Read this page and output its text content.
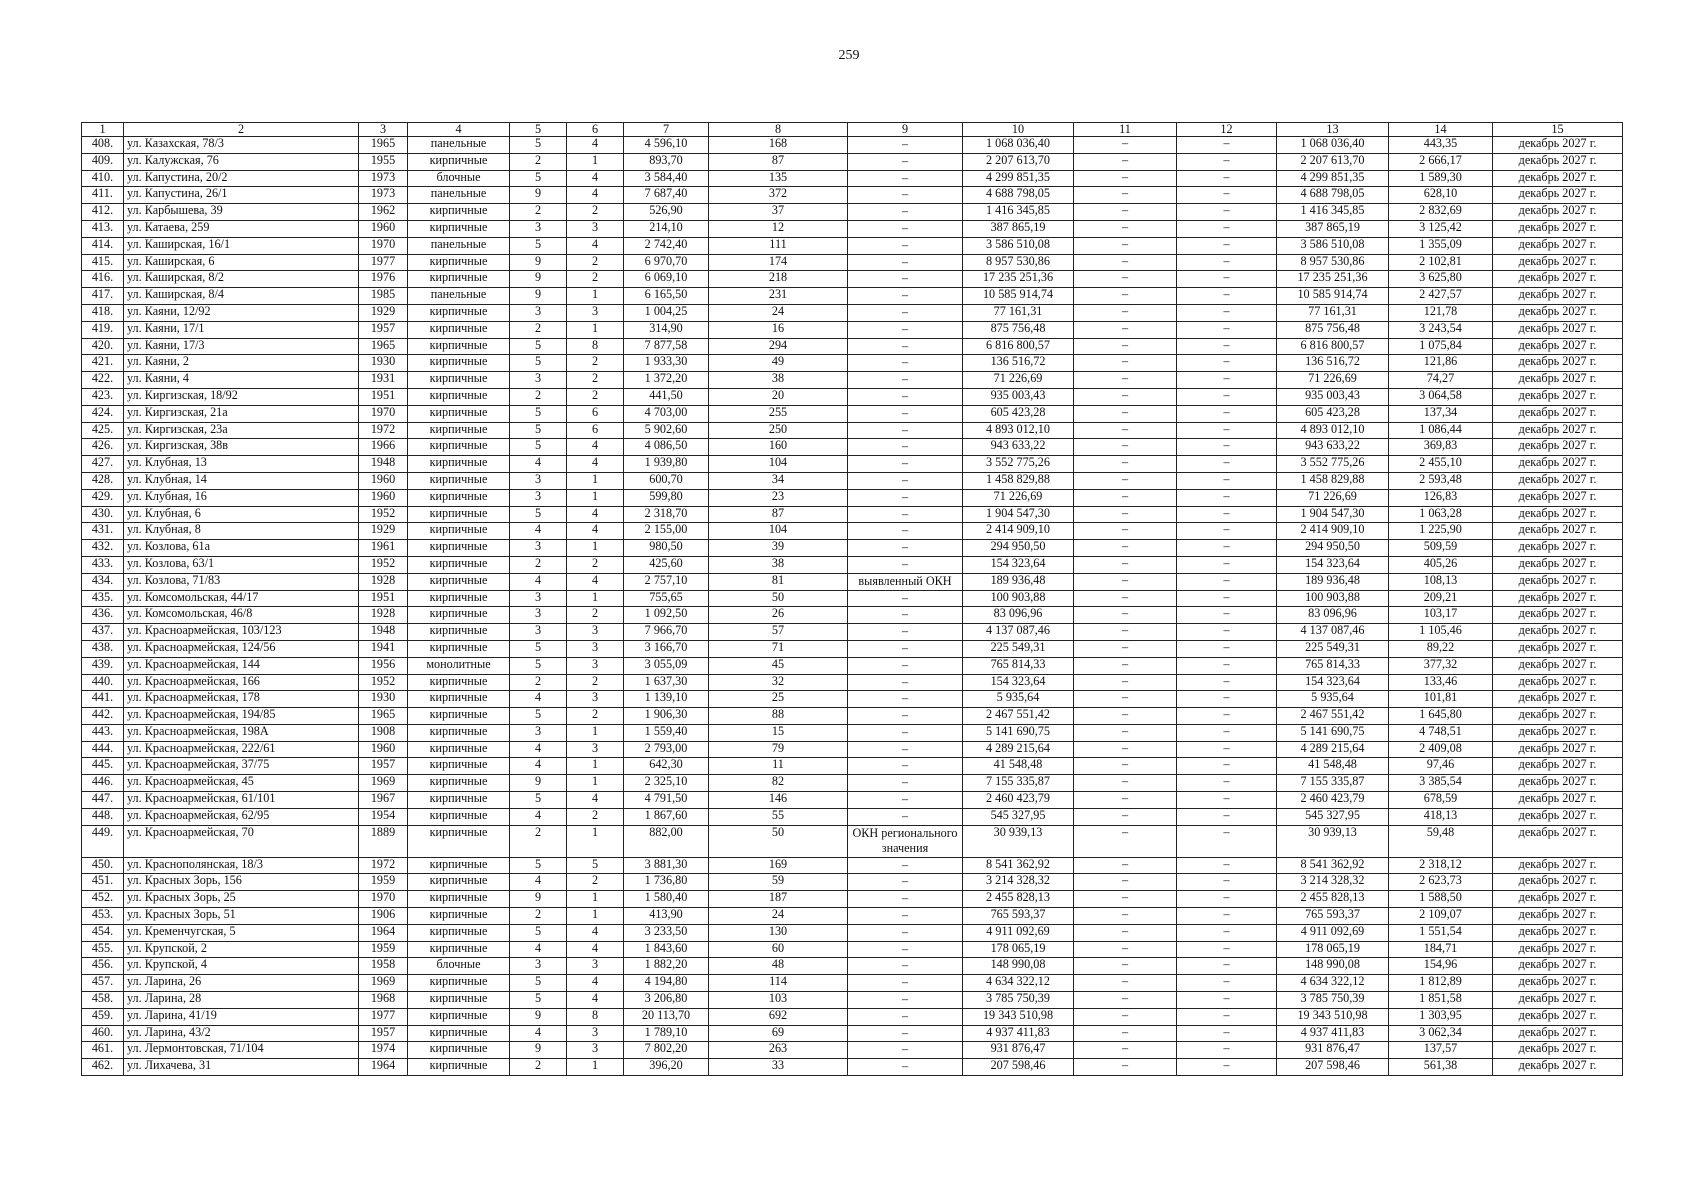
259
1	2	3	4	5	6	7	8	9	10	11	12	13	14	15
408.	ул. Казахская, 78/3	1965	панельные	5	4	4 596,10	168	–	1 068 036,40	–	–	1 068 036,40	443,35	декабрь 2027 г.
409.	ул. Калужская, 76	1955	кирпичные	2	1	893,70	87	–	2 207 613,70	–	–	2 207 613,70	2 666,17	декабрь 2027 г.
410.	ул. Капустина, 20/2	1973	блочные	5	4	3 584,40	135	–	4 299 851,35	–	–	4 299 851,35	1 589,30	декабрь 2027 г.
411.	ул. Капустина, 26/1	1973	панельные	9	4	7 687,40	372	–	4 688 798,05	–	–	4 688 798,05	628,10	декабрь 2027 г.
412.	ул. Карбышева, 39	1962	кирпичные	2	2	526,90	37	–	1 416 345,85	–	–	1 416 345,85	2 832,69	декабрь 2027 г.
413.	ул. Катаева, 259	1960	кирпичные	3	3	214,10	12	–	387 865,19	–	–	387 865,19	3 125,42	декабрь 2027 г.
414.	ул. Каширская, 16/1	1970	панельные	5	4	2 742,40	111	–	3 586 510,08	–	–	3 586 510,08	1 355,09	декабрь 2027 г.
415.	ул. Каширская, 6	1977	кирпичные	9	2	6 970,70	174	–	8 957 530,86	–	–	8 957 530,86	2 102,81	декабрь 2027 г.
416.	ул. Каширская, 8/2	1976	кирпичные	9	2	6 069,10	218	–	17 235 251,36	–	–	17 235 251,36	3 625,80	декабрь 2027 г.
417.	ул. Каширская, 8/4	1985	панельные	9	1	6 165,50	231	–	10 585 914,74	–	–	10 585 914,74	2 427,57	декабрь 2027 г.
418.	ул. Каяни, 12/92	1929	кирпичные	3	3	1 004,25	24	–	77 161,31	–	–	77 161,31	121,78	декабрь 2027 г.
419.	ул. Каяни, 17/1	1957	кирпичные	2	1	314,90	16	–	875 756,48	–	–	875 756,48	3 243,54	декабрь 2027 г.
420.	ул. Каяни, 17/3	1965	кирпичные	5	8	7 877,58	294	–	6 816 800,57	–	–	6 816 800,57	1 075,84	декабрь 2027 г.
421.	ул. Каяни, 2	1930	кирпичные	5	2	1 933,30	49	–	136 516,72	–	–	136 516,72	121,86	декабрь 2027 г.
422.	ул. Каяни, 4	1931	кирпичные	3	2	1 372,20	38	–	71 226,69	–	–	71 226,69	74,27	декабрь 2027 г.
423.	ул. Киргизская, 18/92	1951	кирпичные	2	2	441,50	20	–	935 003,43	–	–	935 003,43	3 064,58	декабрь 2027 г.
424.	ул. Киргизская, 21а	1970	кирпичные	5	6	4 703,00	255	–	605 423,28	–	–	605 423,28	137,34	декабрь 2027 г.
425.	ул. Киргизская, 23а	1972	кирпичные	5	6	5 902,60	250	–	4 893 012,10	–	–	4 893 012,10	1 086,44	декабрь 2027 г.
426.	ул. Киргизская, 38в	1966	кирпичные	5	4	4 086,50	160	–	943 633,22	–	–	943 633,22	369,83	декабрь 2027 г.
427.	ул. Клубная, 13	1948	кирпичные	4	4	1 939,80	104	–	3 552 775,26	–	–	3 552 775,26	2 455,10	декабрь 2027 г.
428.	ул. Клубная, 14	1960	кирпичные	3	1	600,70	34	–	1 458 829,88	–	–	1 458 829,88	2 593,48	декабрь 2027 г.
429.	ул. Клубная, 16	1960	кирпичные	3	1	599,80	23	–	71 226,69	–	–	71 226,69	126,83	декабрь 2027 г.
430.	ул. Клубная, 6	1952	кирпичные	5	4	2 318,70	87	–	1 904 547,30	–	–	1 904 547,30	1 063,28	декабрь 2027 г.
431.	ул. Клубная, 8	1929	кирпичные	4	4	2 155,00	104	–	2 414 909,10	–	–	2 414 909,10	1 225,90	декабрь 2027 г.
432.	ул. Козлова, 61а	1961	кирпичные	3	1	980,50	39	–	294 950,50	–	–	294 950,50	509,59	декабрь 2027 г.
433.	ул. Козлова, 63/1	1952	кирпичные	2	2	425,60	38	–	154 323,64	–	–	154 323,64	405,26	декабрь 2027 г.
434.	ул. Козлова, 71/83	1928	кирпичные	4	4	2 757,10	81	выявленный ОКН	189 936,48	–	–	189 936,48	108,13	декабрь 2027 г.
435.	ул. Комсомольская, 44/17	1951	кирпичные	3	1	755,65	50	–	100 903,88	–	–	100 903,88	209,21	декабрь 2027 г.
436.	ул. Комсомольская, 46/8	1928	кирпичные	3	2	1 092,50	26	–	83 096,96	–	–	83 096,96	103,17	декабрь 2027 г.
437.	ул. Красноармейская, 103/123	1948	кирпичные	3	3	7 966,70	57	–	4 137 087,46	–	–	4 137 087,46	1 105,46	декабрь 2027 г.
438.	ул. Красноармейская, 124/56	1941	кирпичные	5	3	3 166,70	71	–	225 549,31	–	–	225 549,31	89,22	декабрь 2027 г.
439.	ул. Красноармейская, 144	1956	монолитные	5	3	3 055,09	45	–	765 814,33	–	–	765 814,33	377,32	декабрь 2027 г.
440.	ул. Красноармейская, 166	1952	кирпичные	2	2	1 637,30	32	–	154 323,64	–	–	154 323,64	133,46	декабрь 2027 г.
441.	ул. Красноармейская, 178	1930	кирпичные	4	3	1 139,10	25	–	5 935,64	–	–	5 935,64	101,81	декабрь 2027 г.
442.	ул. Красноармейская, 194/85	1965	кирпичные	5	2	1 906,30	88	–	2 467 551,42	–	–	2 467 551,42	1 645,80	декабрь 2027 г.
443.	ул. Красноармейская, 198А	1908	кирпичные	3	1	1 559,40	15	–	5 141 690,75	–	–	5 141 690,75	4 748,51	декабрь 2027 г.
444.	ул. Красноармейская, 222/61	1960	кирпичные	4	3	2 793,00	79	–	4 289 215,64	–	–	4 289 215,64	2 409,08	декабрь 2027 г.
445.	ул. Красноармейская, 37/75	1957	кирпичные	4	1	642,30	11	–	41 548,48	–	–	41 548,48	97,46	декабрь 2027 г.
446.	ул. Красноармейская, 45	1969	кирпичные	9	1	2 325,10	82	–	7 155 335,87	–	–	7 155 335,87	3 385,54	декабрь 2027 г.
447.	ул. Красноармейская, 61/101	1967	кирпичные	5	4	4 791,50	146	–	2 460 423,79	–	–	2 460 423,79	678,59	декабрь 2027 г.
448.	ул. Красноармейская, 62/95	1954	кирпичные	4	2	1 867,60	55	–	545 327,95	–	–	545 327,95	418,13	декабрь 2027 г.
449.	ул. Красноармейская, 70	1889	кирпичные	2	1	882,00	50	ОКН регионального значения	30 939,13	–	–	30 939,13	59,48	декабрь 2027 г.
450.	ул. Краснополянская, 18/3	1972	кирпичные	5	5	3 881,30	169	–	8 541 362,92	–	–	8 541 362,92	2 318,12	декабрь 2027 г.
451.	ул. Красных Зорь, 156	1959	кирпичные	4	2	1 736,80	59	–	3 214 328,32	–	–	3 214 328,32	2 623,73	декабрь 2027 г.
452.	ул. Красных Зорь, 25	1970	кирпичные	9	1	1 580,40	187	–	2 455 828,13	–	–	2 455 828,13	1 588,50	декабрь 2027 г.
453.	ул. Красных Зорь, 51	1906	кирпичные	2	1	413,90	24	–	765 593,37	–	–	765 593,37	2 109,07	декабрь 2027 г.
454.	ул. Кременчугская, 5	1964	кирпичные	5	4	3 233,50	130	–	4 911 092,69	–	–	4 911 092,69	1 551,54	декабрь 2027 г.
455.	ул. Крупской, 2	1959	кирпичные	4	4	1 843,60	60	–	178 065,19	–	–	178 065,19	184,71	декабрь 2027 г.
456.	ул. Крупской, 4	1958	блочные	3	3	1 882,20	48	–	148 990,08	–	–	148 990,08	154,96	декабрь 2027 г.
457.	ул. Ларина, 26	1969	кирпичные	5	4	4 194,80	114	–	4 634 322,12	–	–	4 634 322,12	1 812,89	декабрь 2027 г.
458.	ул. Ларина, 28	1968	кирпичные	5	4	3 206,80	103	–	3 785 750,39	–	–	3 785 750,39	1 851,58	декабрь 2027 г.
459.	ул. Ларина, 41/19	1977	кирпичные	9	8	20 113,70	692	–	19 343 510,98	–	–	19 343 510,98	1 303,95	декабрь 2027 г.
460.	ул. Ларина, 43/2	1957	кирпичные	4	3	1 789,10	69	–	4 937 411,83	–	–	4 937 411,83	3 062,34	декабрь 2027 г.
461.	ул. Лермонтовская, 71/104	1974	кирпичные	9	3	7 802,20	263	–	931 876,47	–	–	931 876,47	137,57	декабрь 2027 г.
462.	ул. Лихачева, 31	1964	кирпичные	2	1	396,20	33	–	207 598,46	–	–	207 598,46	561,38	декабрь 2027 г.
